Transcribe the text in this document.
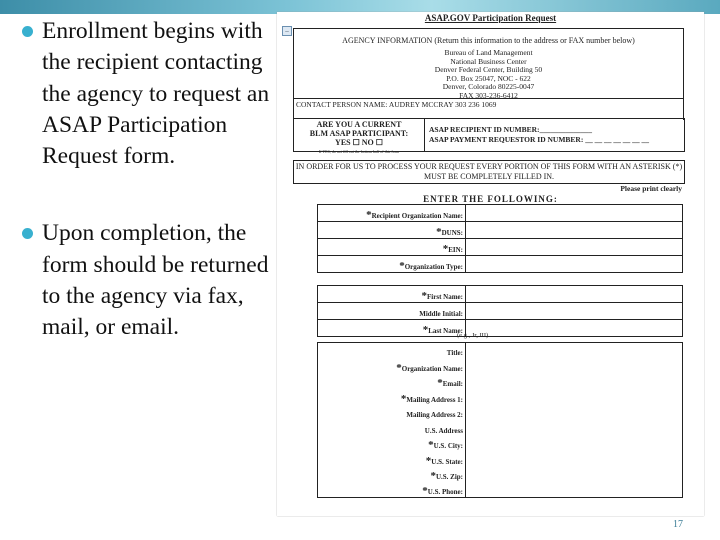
Enrollment begins with the recipient contacting the agency to request an ASAP Participation Request form.
Upon completion, the form should be returned to the agency via fax, mail, or email.
ASAP.GOV Participation Request
–
AGENCY INFORMATION (Return this information to the address or FAX number below)
Bureau of Land Management
National Business Center
Denver Federal Center, Building 50
P.O. Box 25047, NOC - 622
Denver, Colorado 80225-0047
FAX 303-236-6412
CONTACT PERSON NAME: AUDREY MCCRAY 303 236 1069
ARE YOU A CURRENT
BLM ASAP PARTICIPANT:
YES ☐ NO ☐
If YES, do not fill out the bottom half of this form
ASAP RECIPIENT ID NUMBER:______________
ASAP PAYMENT REQUESTOR ID NUMBER: __ __ __ __ __ __ __
IN ORDER FOR US TO PROCESS YOUR REQUEST EVERY PORTION OF THIS FORM WITH AN ASTERISK (*) MUST BE COMPLETELY FILLED IN.
Please print clearly
ENTER THE FOLLOWING:
*Recipient Organization Name:	
*DUNS:	
*EIN:	
*Organization Type:	
*First Name:	
Middle Initial:	
*Last Name:	
(e.g., Jr, III)
Title:	
*Organization Name:	
*Email:	
*Mailing Address 1:	
Mailing Address 2:	
U.S. Address	
*U.S. City:	
*U.S. State:	
*U.S. Zip:	
*U.S. Phone:	
17
